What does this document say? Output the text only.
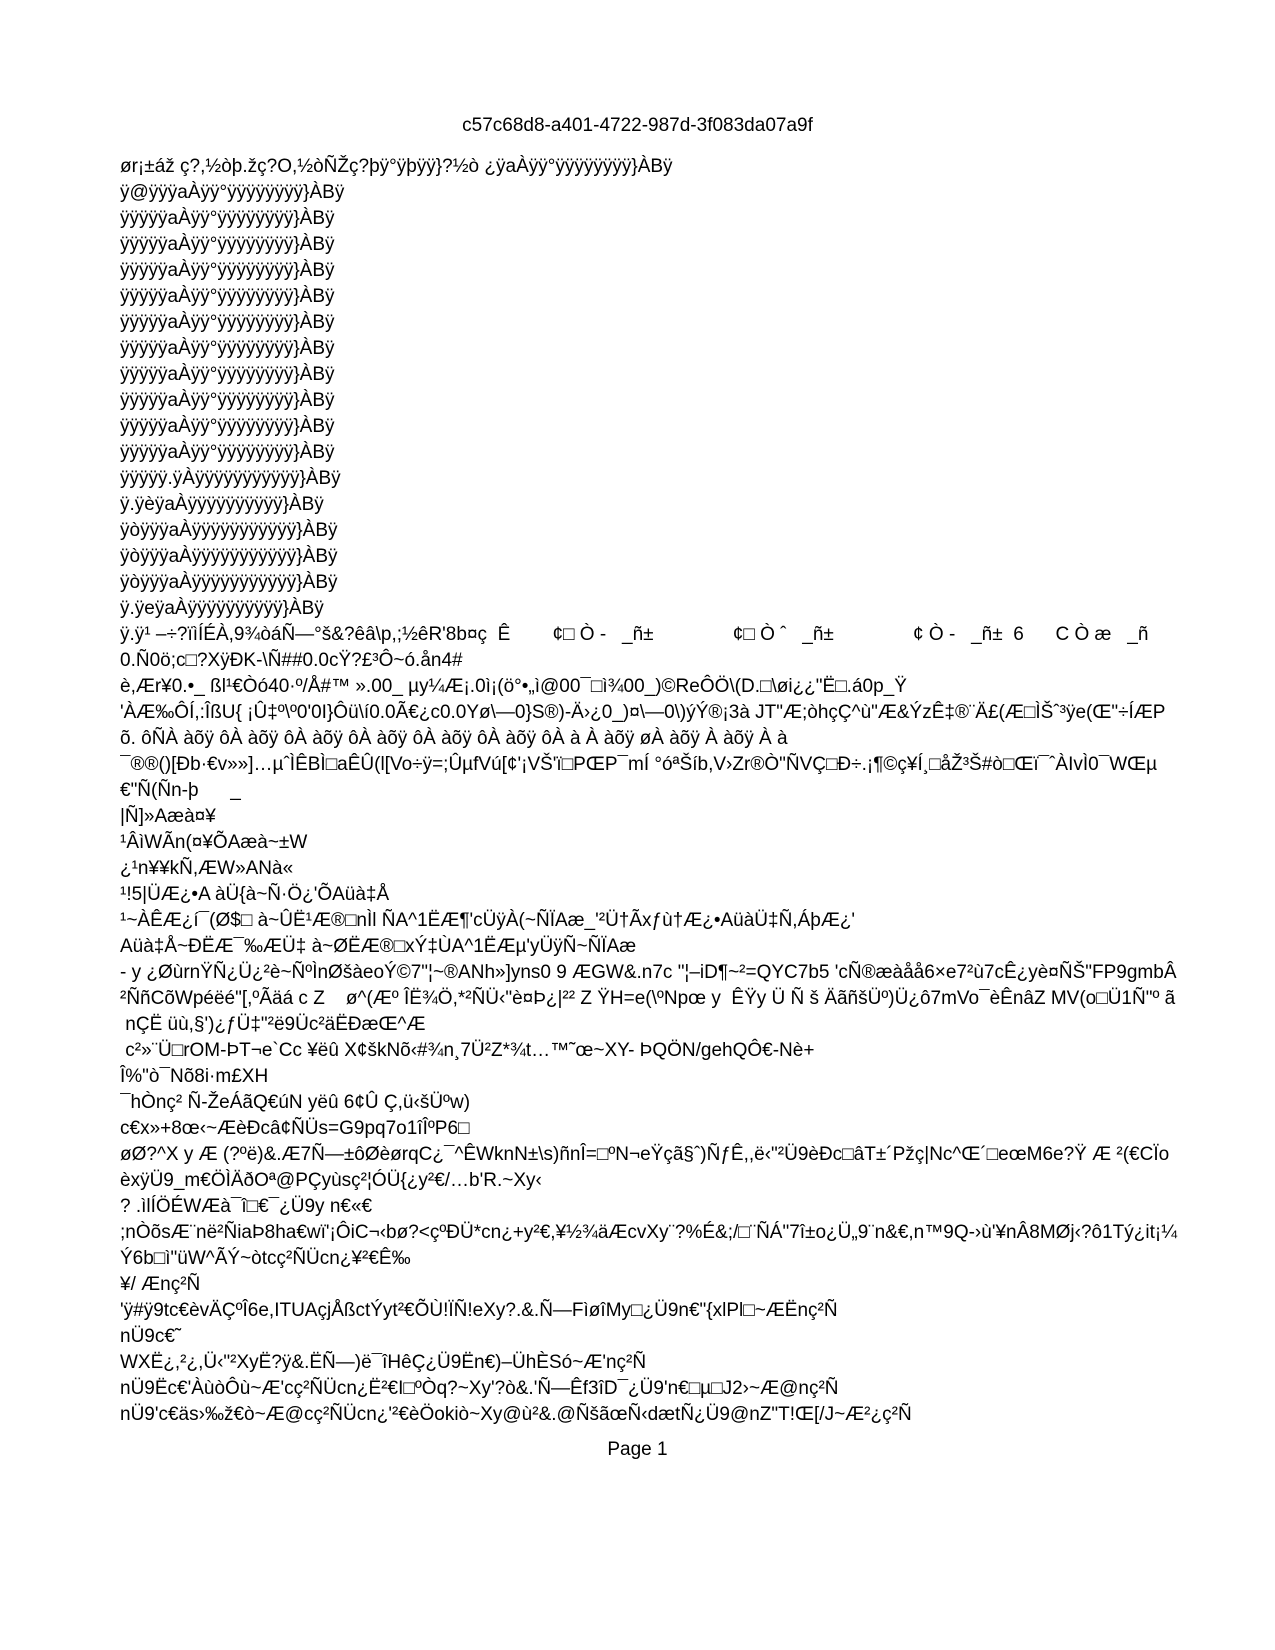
c57c68d8-a401-4722-987d-3f083da07a9f
ør¡±áž ç?,½òþ.žç?O,½òÑŽç?þÿ°ÿþÿÿ}?½ò ¿ÿaÀÿÿ°ÿÿÿÿÿÿÿÿ}ÀBÿ
ÿ@ÿÿÿaÀÿÿ°ÿÿÿÿÿÿÿÿ}ÀBÿ
ÿÿÿÿÿaÀÿÿ°ÿÿÿÿÿÿÿÿ}ÀBÿ
ÿÿÿÿÿaÀÿÿ°ÿÿÿÿÿÿÿÿ}ÀBÿ
ÿÿÿÿÿaÀÿÿ°ÿÿÿÿÿÿÿÿ}ÀBÿ
ÿÿÿÿÿaÀÿÿ°ÿÿÿÿÿÿÿÿ}ÀBÿ
ÿÿÿÿÿaÀÿÿ°ÿÿÿÿÿÿÿÿ}ÀBÿ
ÿÿÿÿÿaÀÿÿ°ÿÿÿÿÿÿÿÿ}ÀBÿ
ÿÿÿÿÿaÀÿÿ°ÿÿÿÿÿÿÿÿ}ÀBÿ
ÿÿÿÿÿaÀÿÿ°ÿÿÿÿÿÿÿÿ}ÀBÿ
ÿÿÿÿÿaÀÿÿ°ÿÿÿÿÿÿÿÿ}ÀBÿ
ÿÿÿÿÿaÀÿÿ°ÿÿÿÿÿÿÿÿ}ÀBÿ
ÿÿÿÿÿ.ÿÀÿÿÿÿÿÿÿÿÿÿÿ}ÀBÿ
ÿ.ÿèÿaÀÿÿÿÿÿÿÿÿÿÿ}ÀBÿ
ÿòÿÿÿaÀÿÿÿÿÿÿÿÿÿÿÿ}ÀBÿ
ÿòÿÿÿaÀÿÿÿÿÿÿÿÿÿÿÿ}ÀBÿ
ÿòÿÿÿaÀÿÿÿÿÿÿÿÿÿÿÿ}ÀBÿ
ÿ.ÿeÿaÀÿÿÿÿÿÿÿÿÿÿ}ÀBÿ
ÿ.ÿ¹ –÷?ïìÍÉÀ,9¾òáÑ—°š&?êâ\p,;½êR'8b¤ç  Ê        ¢□ Ò -   _ñ±               ¢□ Ò ˆ   _ñ±               ¢ Ò -   _ñ±  6      C Ò æ   _ñ
0.Ñ0ö;c□?XÿÐK-\Ñ##0.0cŸ?£³Ô~ó.ån4#
è,Ær¥0.•_ ßl¹€Òó40·º/Å#™ ».00_ µy¼Æ¡.0ì¡(ö°•„ì@00¯□ì¾00_)©ReÔÖ\(D.□\øi¿¿"Ë□.á0p_Ÿ
'ÀÆ‰ÔÍ,:ÎßU{ ¡Û‡º\º0'0I}Ôü\í0.0Ã€¿c0.0Yø\—0}S®)-Ä›¿0_)¤\—0\)ýÝ®¡3à JT"Æ;òhçÇ^ù"Æ&ÝzÊ‡®¨Ä£(Æ□ÌŠˆ³ÿe(Œ"÷ÍÆP
õ. ôÑÀ àõÿ ôÀ àõÿ ôÀ àõÿ ôÀ àõÿ ôÀ àõÿ ôÀ àõÿ ôÀ à À àõÿ øÀ àõÿ À àõÿ À à
¯®®()[Ðb·€v»»]…µˆÌÊBÌ□aÊÛ(l[Vo÷ÿ=;ÛµfVú[¢'¡VŠ'ï□PŒP¯mÍ °óªŠíb,V›Zr®Ò"ÑVÇ□Ð÷.¡¶©ç¥Í¸□åŽ³Š#ò□Œï¯ˆÀIvÌ0¯WŒµ
€"Ñ(Ñn-þ      _
|Ñ]»Aæà¤¥
¹ÂìWÃn(¤¥ÕAæà~±W
¿¹n¥¥kÑ,ÆW»ANà«
¹!5|ÜÆ¿•A àÜ{à~Ñ·Ö¿'ÕAüà‡Å
¹~ÀÊÆ¿í¯(Ø$□ à~ÛË¹Æ®□nÌl ÑA^1ËÆ¶'cÜÿÀ(~ÑÏAæ_'²Ü†Ãxƒù†Æ¿•AüàÜ‡Ñ,ÁþÆ¿'
Aüà‡Å~ÐËÆ¯‰ÆÜ‡ à~ØËÆ®□xÝ‡ÙA^1ËÆµ'yÜÿÑ~ÑÏAæ
- y ¿ØùrnŸÑ¿Ü¿²è~ÑºÌnØšàeoÝ©7"¦~®ANh»]yns0 9 ÆGW&.n7c "¦–iD¶~²=QYC7b5 'cÑ®æàåå6×e7²ù7cÊ¿yè¤ÑŠ"FP9gmbÂ
²ÑñCõWpéëé"[,ºÃäá c Z    ø^(Æº ÎË¾Ö,*²ÑÜ‹"è¤Þ¿|²² Z ŸH=e(\ºNpœ y  ÊŸy Ü Ñ š ÄãñšÜº)Ü¿ô7mVo¯èÊnâZ MV(o□Ü1Ñ"º ã
nÇË üù,§')¿ƒÜ‡"²ë9Üc²äËÐæŒ^Æ
c²»¨Ü□rOM-ÞT¬e`Cc ¥ëû X¢škNõ‹#¾n¸7Ü²Z*¾t…™˜œ~XY- ÞQÖN/gehQÔ€-Nè+
Î%"ò¯Nõ8i·m£XH
¯hÒnç² Ñ-ŽeÁãQ€úN yëû 6¢Û Ç,ü‹šÜºw)
c€x»+8œ‹~ÆèÐcâ¢ÑÜs=G9pq7o1îÎºP6□
øØ?^X y Æ (?ºë)&.Æ7Ñ—±ôØèørqC¿¯^ÊWknN±\s)ñnÎ=□ºN¬eŸçã§ˆ)ÑƒÊ,,ë‹"²Ü9èÐc□âT±´Pžç|Nc^Œ´□eœM6e?Ÿ Æ ²(€CÏo
èxÿÜ9_m€ÖÌÄðOª@PÇyùsç²¦ÓÜ{¿y²€/…b'R.~Xy‹
? .ìlÍÖÉWÆà¯î□€¯¿Ü9y n€«€
;nÒõsÆ¨në²ÑiaÞ8ha€wï'¡ÔiC¬‹bø?<çºÐÜ*cn¿+y²€,¥½¾äÆcvXy¨?%É&;/□¨ÑÁ"7î±o¿Ü„9¨n&€,n™9Q-›ù'¥nÂ8MØj‹?ô1Tý¿it¡¼
Ý6b□ì"üW^ÃÝ~òtcç²ÑÜcn¿¥²€Ê‰
¥/ Ænç²Ñ
'ÿ#ÿ9tc€èvÄÇºÎ6e,ITUAçjÅßctÝyt²€ÕÙ!ÏÑ!eXy?.&.Ñ—FìøîMy□¿Ü9n€"{xlPl□~ÆËnç²Ñ
nÜ9c€˜
WXË¿,²¿,Ü‹"²XyË?ÿ&.ËÑ—)ë¯îHêÇ¿Ü9Ën€)–ÜhÈSó~Æ'nç²Ñ
nÜ9Ëc€'ÀùòÔù~Æ'cç²ÑÜcn¿Ë²€I□ºÒq?~Xy'?ò&.'Ñ—Êf3îD¯¿Ü9'n€□µ□J2›~Æ@nç²Ñ
nÜ9'c€äs›‰ž€ò~Æ@cç²ÑÜcn¿'²€èÖokiò~Xy@ù²&.@ÑšãœÑ‹dætÑ¿Ü9@nZ"T!Œ[/J~Æ²¿ç²Ñ
Page 1
